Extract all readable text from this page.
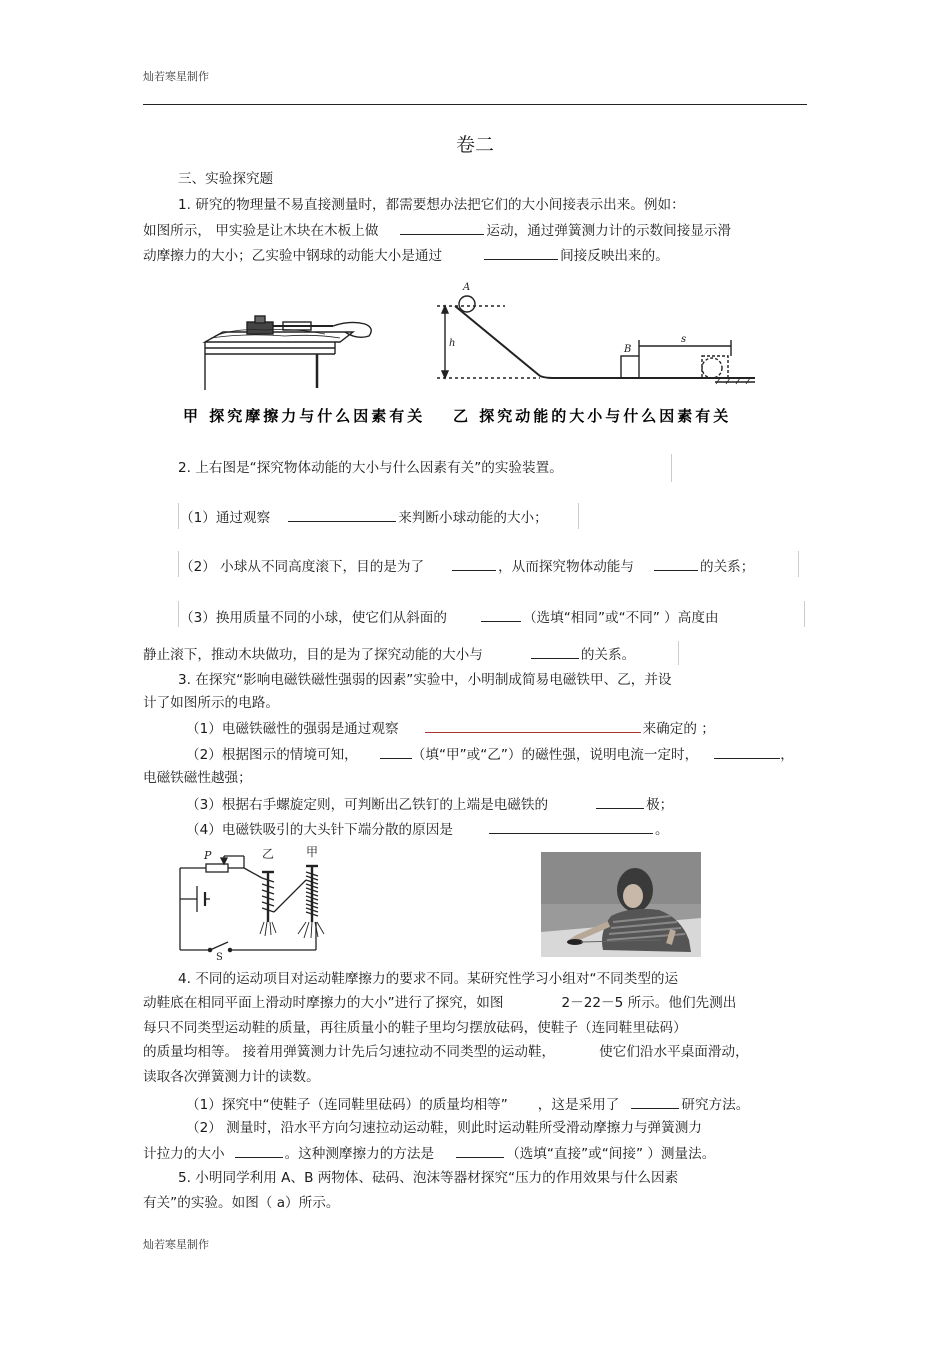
灿若寒星制作
卷二
三、实验探究题
1. 研究的物理量不易直接测量时，都需要想办法把它们的大小间接表示出来。例如：
如图所示， 甲实验是让木块在木板上做	运动，通过弹簧测力计的示数间接显示滑
动摩擦力的大小；乙实验中钢球的动能大小是通过	间接反映出来的。
A
h
B
s
甲 探究摩擦力与什么因素有关 乙 探究动能的大小与什么因素有关
2. 上右图是“探究物体动能的大小与什么因素有关”的实验装置。
（1）通过观察	来判断小球动能的大小；
（2） 小球从不同高度滚下，目的是为了	，从而探究物体动能与	的关系；
（3）换用质量不同的小球，使它们从斜面的	（选填“相同”或“不同” ）高度由
静止滚下，推动木块做功，目的是为了探究动能的大小与	的关系。
3. 在探究“影响电磁铁磁性强弱的因素”实验中，小明制成简易电磁铁甲、乙，并设
计了如图所示的电路。
（1）电磁铁磁性的强弱是通过观察	来确定的 ；
（2）根据图示的情境可知，	（填“甲”或“乙”）的磁性强，说明电流一定时，	，
电磁铁磁性越强；
（3）根据右手螺旋定则，可判断出乙铁钉的上端是电磁铁的	极；
（4）电磁铁吸引的大头针下端分散的原因是	。
P	乙	甲
S
4. 不同的运动项目对运动鞋摩擦力的要求不同。某研究性学习小组对“不同类型的运
动鞋底在相同平面上滑动时摩擦力的大小”进行了探究，如图	2－22－5 所示。他们先测出
每只不同类型运动鞋的质量，再往质量小的鞋子里均匀摆放砝码，使鞋子（连同鞋里砝码）
的质量均相等。 接着用弹簧测力计先后匀速拉动不同类型的运动鞋，	使它们沿水平桌面滑动，
读取各次弹簧测力计的读数。
（1）探究中“使鞋子（连同鞋里砝码）的质量均相等” ，这是采用了	研究方法。
（2） 测量时，沿水平方向匀速拉动运动鞋，则此时运动鞋所受滑动摩擦力与弹簧测力
计拉力的大小	。这种测摩擦力的方法是	（选填“直接”或“间接” ）测量法。
5. 小明同学利用 A、B 两物体、砝码、泡沫等器材探究“压力的作用效果与什么因素
有关”的实验。如图（ a）所示。
灿若寒星制作
